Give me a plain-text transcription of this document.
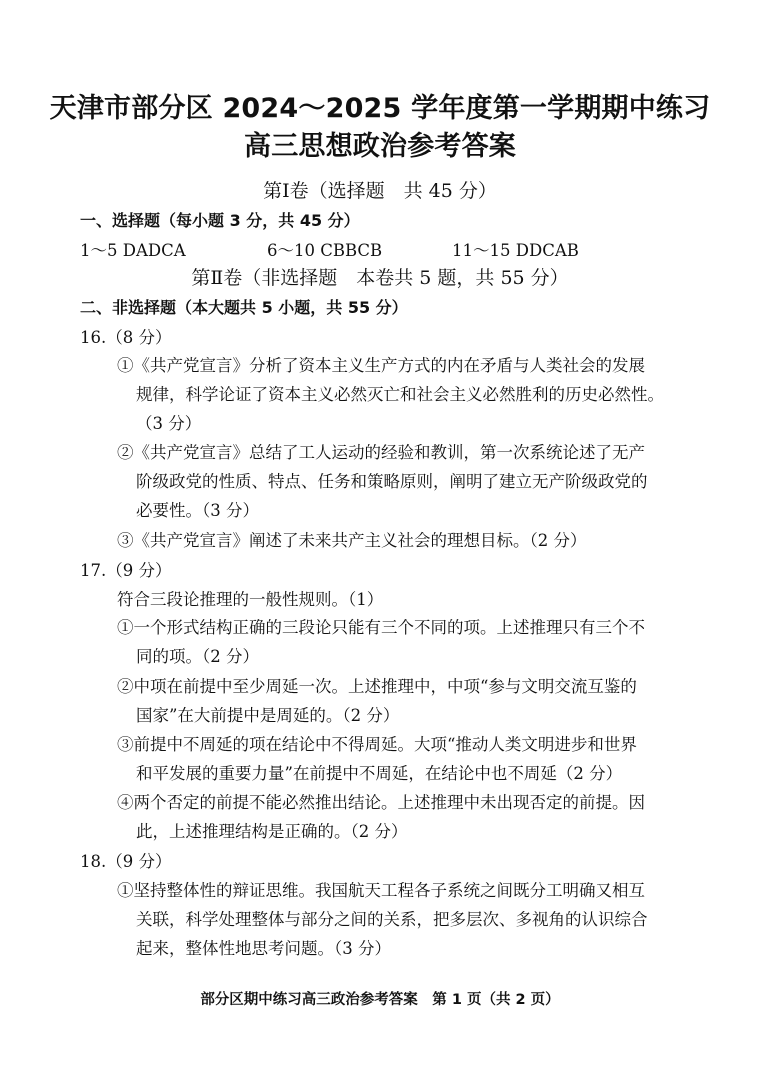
天津市部分区 2024～2025 学年度第一学期期中练习
高三思想政治参考答案
第Ⅰ卷（选择题　共 45 分）
一、选择题（每小题 3 分，共 45 分）
1～5 DADCA	6～10 CBBCB	11～15 DDCAB
第Ⅱ卷（非选择题　本卷共 5 题，共 55 分）
二、非选择题（本大题共 5 小题，共 55 分）
16.（8 分）
①《共产党宣言》分析了资本主义生产方式的内在矛盾与人类社会的发展
规律，科学论证了资本主义必然灭亡和社会主义必然胜利的历史必然性。
（3 分）
②《共产党宣言》总结了工人运动的经验和教训，第一次系统论述了无产
阶级政党的性质、特点、任务和策略原则，阐明了建立无产阶级政党的
必要性。（3 分）
③《共产党宣言》阐述了未来共产主义社会的理想目标。（2 分）
17.（9 分）
符合三段论推理的一般性规则。（1）
①一个形式结构正确的三段论只能有三个不同的项。上述推理只有三个不
同的项。（2 分）
②中项在前提中至少周延一次。上述推理中，中项“参与文明交流互鉴的
国家”在大前提中是周延的。（2 分）
③前提中不周延的项在结论中不得周延。大项“推动人类文明进步和世界
和平发展的重要力量”在前提中不周延，在结论中也不周延（2 分）
④两个否定的前提不能必然推出结论。上述推理中未出现否定的前提。因
此，上述推理结构是正确的。（2 分）
18.（9 分）
①坚持整体性的辩证思维。我国航天工程各子系统之间既分工明确又相互
关联，科学处理整体与部分之间的关系，把多层次、多视角的认识综合
起来，整体性地思考问题。（3 分）
部分区期中练习高三政治参考答案　第 1 页（共 2 页）
